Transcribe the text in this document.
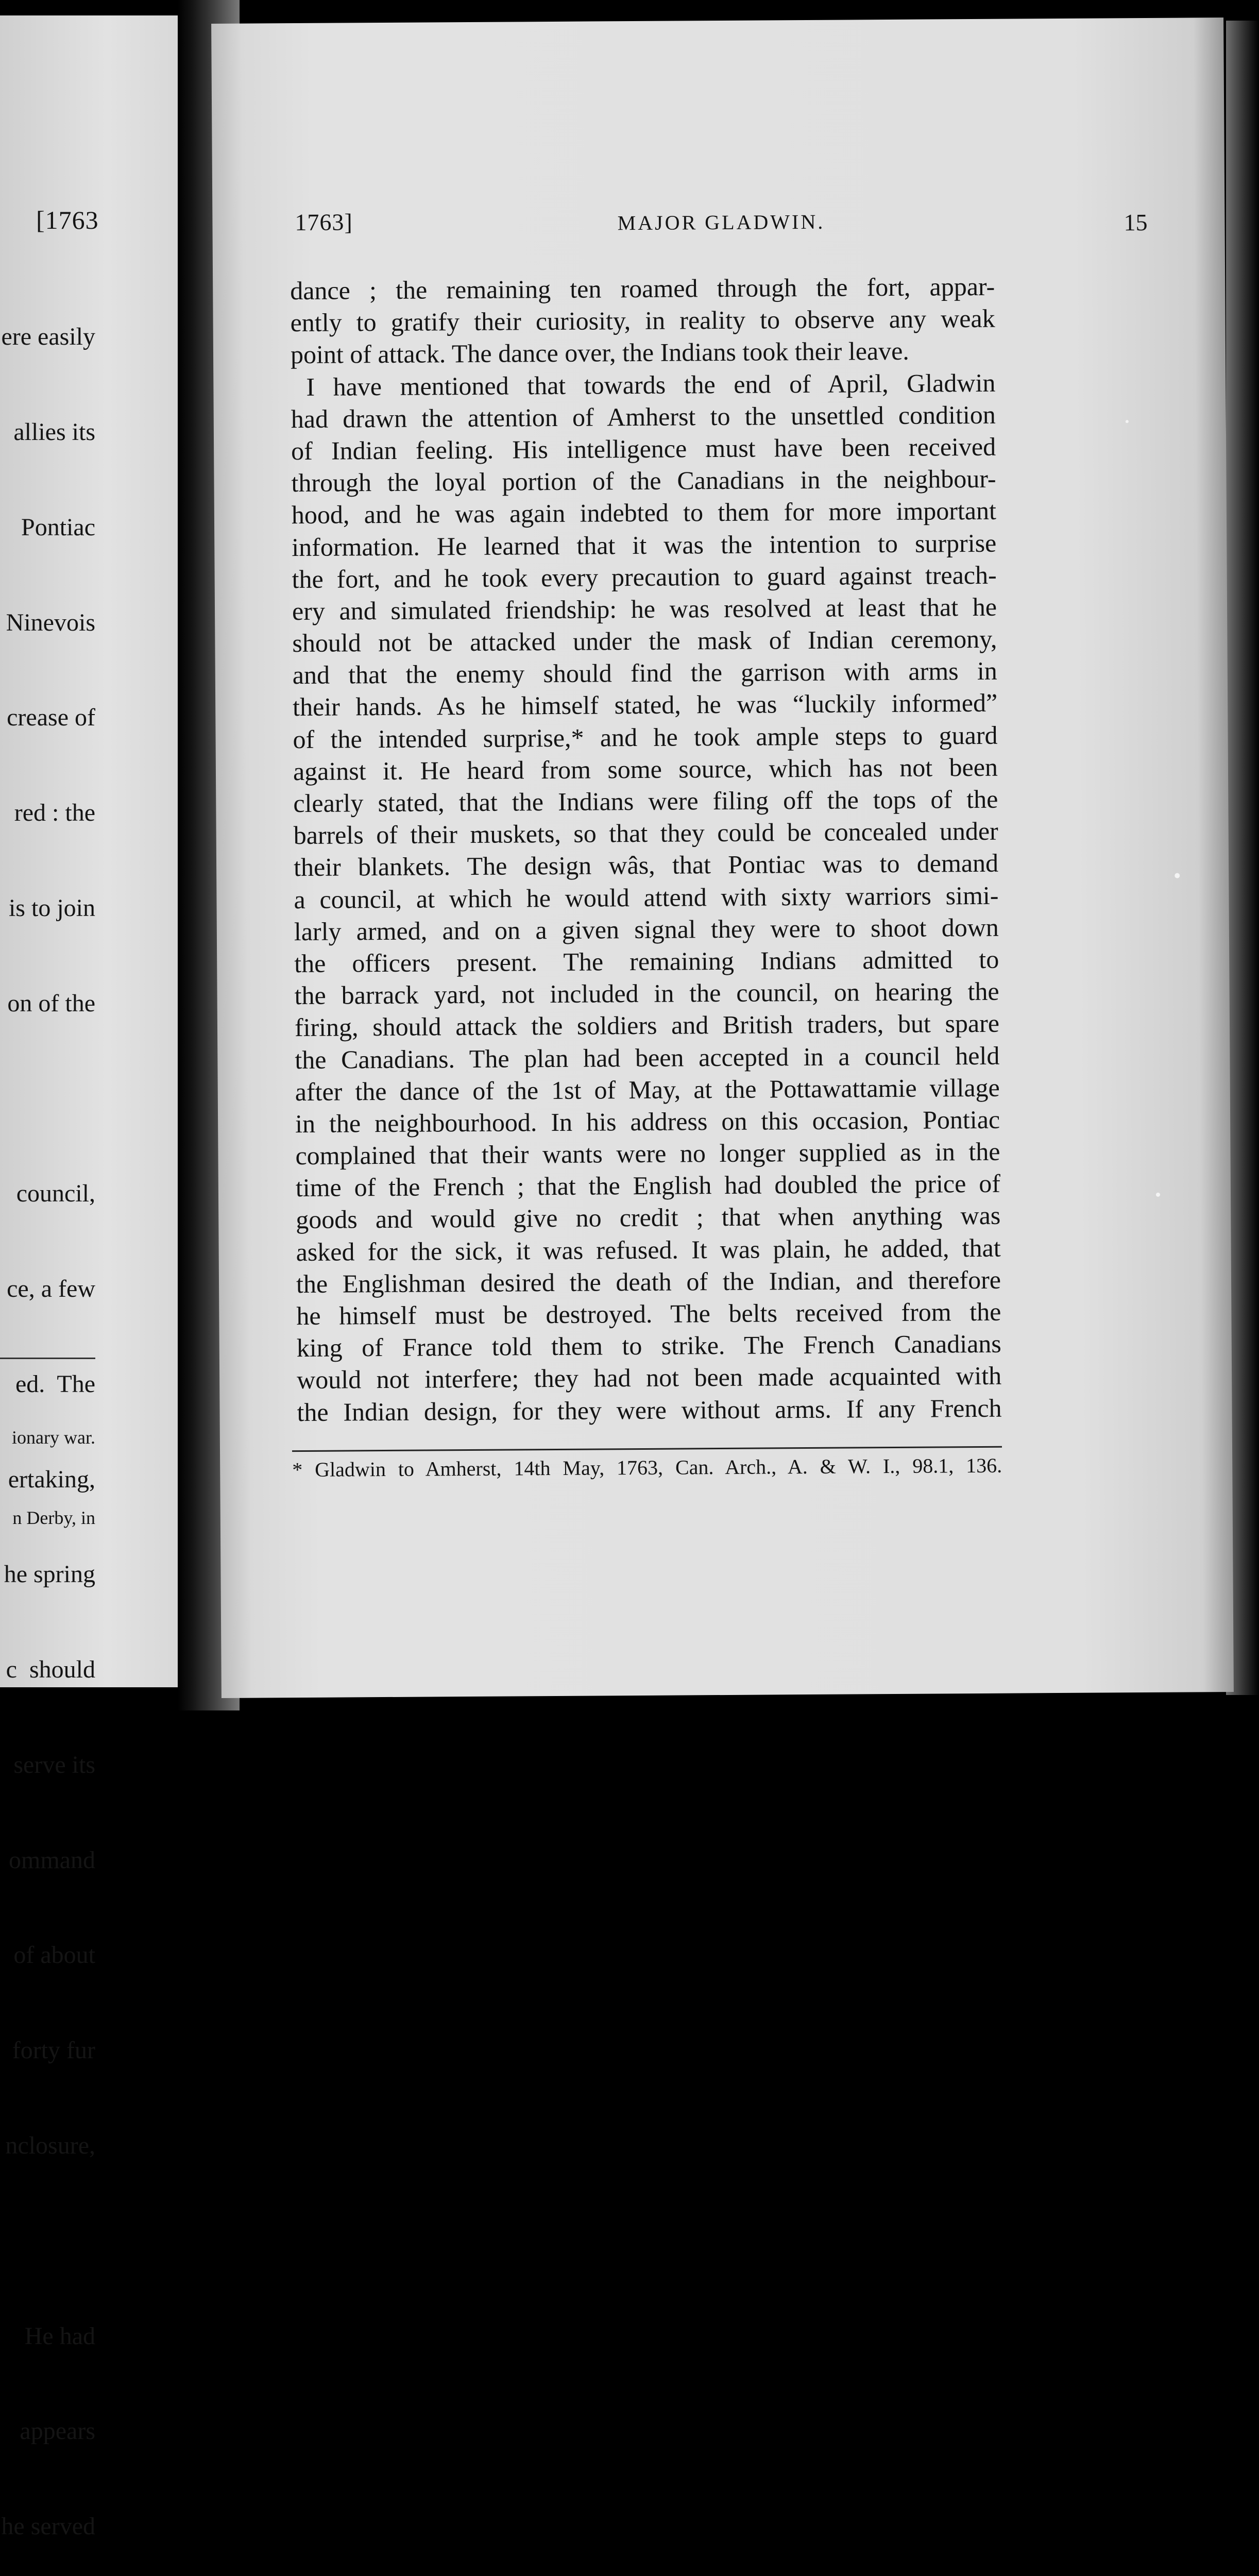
[1763

ere easily

allies its

Pontiac

Ninevois

crease of

red : the

is to join

on of the

council,

ce, a few

ed.  The

ertaking,

he spring

c  should

serve its

ommand

of about

forty fur

nclosure,

He had

appears

he served

ionary war.

n Derby, in

1763]	MAJOR GLADWIN.	15
dance ; the remaining ten roamed through the fort, appar-
ently to gratify their curiosity, in reality to observe any weak
point of attack. The dance over, the Indians took their leave.
I have mentioned that towards the end of April, Gladwin
had drawn the attention of Amherst to the unsettled condition
of Indian feeling. His intelligence must have been received
through the loyal portion of the Canadians in the neighbour-
hood, and he was again indebted to them for more important
information. He learned that it was the intention to surprise
the fort, and he took every precaution to guard against treach-
ery and simulated friendship: he was resolved at least that he
should not be attacked under the mask of Indian ceremony,
and that the enemy should find the garrison with arms in
their hands. As he himself stated, he was “luckily informed”
of the intended surprise,* and he took ample steps to guard
against it. He heard from some source, which has not been
clearly stated, that the Indians were filing off the tops of the
barrels of their muskets, so that they could be concealed under
their blankets. The design wâs, that Pontiac was to demand
a council, at which he would attend with sixty warriors simi-
larly armed, and on a given signal they were to shoot down
the officers present. The remaining Indians admitted to
the barrack yard, not included in the council, on hearing the
firing, should attack the soldiers and British traders, but spare
the Canadians. The plan had been accepted in a council held
after the dance of the 1st of May, at the Pottawattamie village
in the neighbourhood. In his address on this occasion, Pontiac
complained that their wants were no longer supplied as in the
time of the French ; that the English had doubled the price of
goods and would give no credit ; that when anything was
asked for the sick, it was refused. It was plain, he added, that
the Englishman desired the death of the Indian, and therefore
he himself must be destroyed. The belts received from the
king of France told them to strike. The French Canadians
would not interfere; they had not been made acquainted with
the Indian design, for they were without arms. If any French
* Gladwin to Amherst, 14th May, 1763, Can. Arch., A. & W. I., 98.1, 136.
